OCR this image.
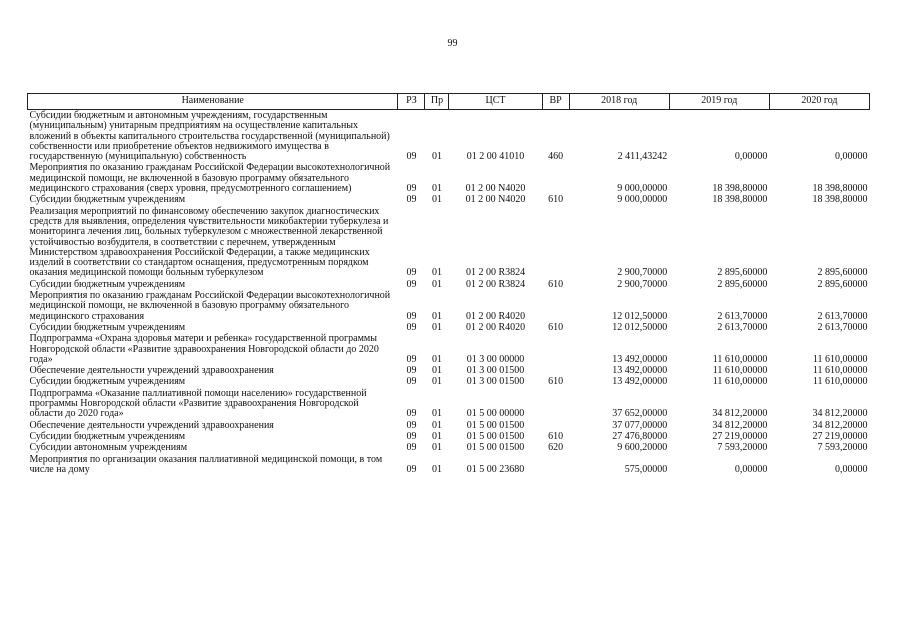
99
Наименование	РЗ	Пр	ЦСТ	ВР	2018 год	2019 год	2020 год
Субсидии бюджетным и автономным учреждениям, государственным (муниципальным) унитарным предприятиям на осуществление капитальных вложений в объекты капитального строительства государственной (муниципальной) собственности или приобретение объектов недвижимого имущества в государственную (муниципальную) собственность	09	01	01 2 00 41010	460	2 411,43242	0,00000	0,00000
Мероприятия по оказанию гражданам Российской Федерации высокотехнологичной медицинской помощи, не включенной в базовую программу обязательного медицинского страхования (сверх уровня, предусмотренного соглашением)	09	01	01 2 00 N4020		9 000,00000	18 398,80000	18 398,80000
Субсидии бюджетным учреждениям	09	01	01 2 00 N4020	610	9 000,00000	18 398,80000	18 398,80000
Реализация мероприятий по финансовому обеспечению закупок диагностических средств для выявления, определения чувствительности микобактерии туберкулеза и мониторинга лечения лиц, больных туберкулезом с множественной лекарственной устойчивостью возбудителя, в соответствии с перечнем, утвержденным Министерством здравоохранения Российской Федерации, а также медицинских изделий в соответствии со стандартом оснащения, предусмотренным порядком оказания медицинской помощи больным туберкулезом	09	01	01 2 00 R3824		2 900,70000	2 895,60000	2 895,60000
Субсидии бюджетным учреждениям	09	01	01 2 00 R3824	610	2 900,70000	2 895,60000	2 895,60000
Мероприятия по оказанию гражданам Российской Федерации высокотехнологичной медицинской помощи, не включенной в базовую программу обязательного медицинского страхования	09	01	01 2 00 R4020		12 012,50000	2 613,70000	2 613,70000
Субсидии бюджетным учреждениям	09	01	01 2 00 R4020	610	12 012,50000	2 613,70000	2 613,70000
Подпрограмма «Охрана здоровья матери и ребенка» государственной программы Новгородской области «Развитие здравоохранения Новгородской области до 2020 года»	09	01	01 3 00 00000		13 492,00000	11 610,00000	11 610,00000
Обеспечение деятельности учреждений здравоохранения	09	01	01 3 00 01500		13 492,00000	11 610,00000	11 610,00000
Субсидии бюджетным учреждениям	09	01	01 3 00 01500	610	13 492,00000	11 610,00000	11 610,00000
Подпрограмма «Оказание паллиативной помощи населению» государственной программы Новгородской области «Развитие здравоохранения Новгородской области до 2020 года»	09	01	01 5 00 00000		37 652,00000	34 812,20000	34 812,20000
Обеспечение деятельности учреждений здравоохранения	09	01	01 5 00 01500		37 077,00000	34 812,20000	34 812,20000
Субсидии бюджетным учреждениям	09	01	01 5 00 01500	610	27 476,80000	27 219,00000	27 219,00000
Субсидии автономным учреждениям	09	01	01 5 00 01500	620	9 600,20000	7 593,20000	7 593,20000
Мероприятия по организации оказания паллиативной медицинской помощи, в том числе на дому	09	01	01 5 00 23680		575,00000	0,00000	0,00000
